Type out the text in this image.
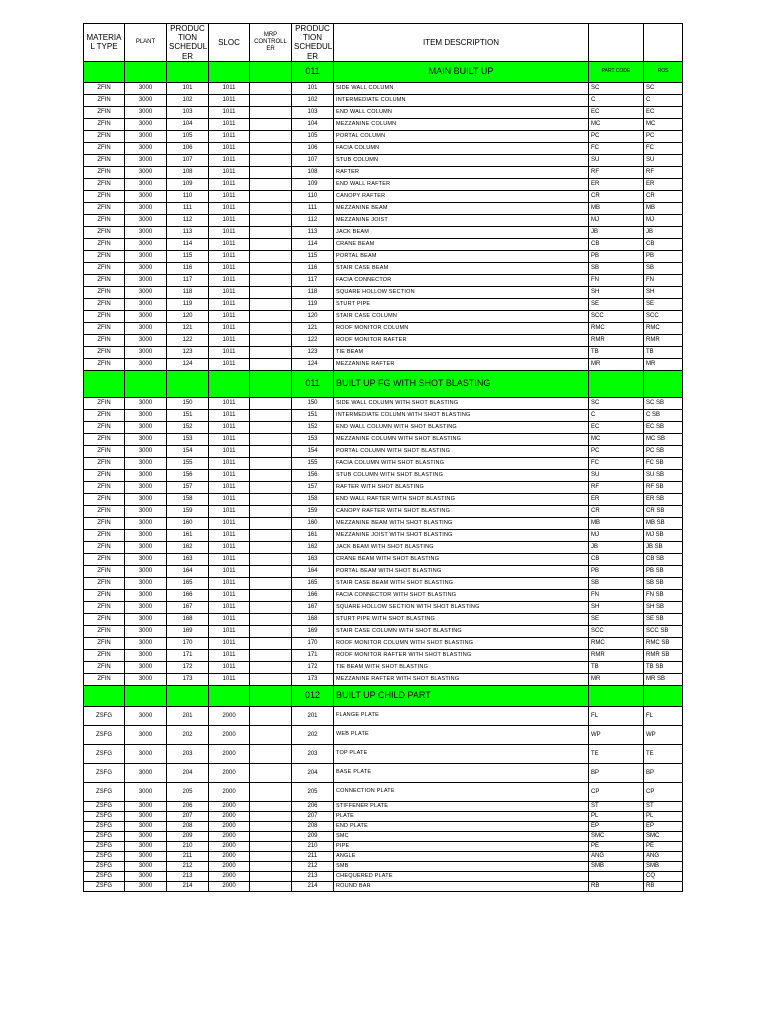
MATERIA L TYPE	PLANT	PRODUC TION SCHEDUL ER	SLOC	MRP CONTROLL ER	PRODUC TION SCHEDUL ER	ITEM DESCRIPTION		
					011	MAIN BUILT UP	PART CODE	ROS
ZFIN	3000	101	1011		101	SIDE WALL COLUMN	SC	SC
ZFIN	3000	102	1011		102	INTERMEDIATE COLUMN	C	C
ZFIN	3000	103	1011		103	END WALL COLUMN	EC	EC
ZFIN	3000	104	1011		104	MEZZANINE COLUMN	MC	MC
ZFIN	3000	105	1011		105	PORTAL COLUMN	PC	PC
ZFIN	3000	106	1011		106	FACIA COLUMN	FC	FC
ZFIN	3000	107	1011		107	STUB COLUMN	SU	SU
ZFIN	3000	108	1011		108	RAFTER	RF	RF
ZFIN	3000	109	1011		109	END WALL RAFTER	ER	ER
ZFIN	3000	110	1011		110	CANOPY RAFTER	CR	CR
ZFIN	3000	111	1011		111	MEZZANINE BEAM	MB	MB
ZFIN	3000	112	1011		112	MEZZANINE JOIST	MJ	MJ
ZFIN	3000	113	1011		113	JACK BEAM	JB	JB
ZFIN	3000	114	1011		114	CRANE BEAM	CB	CB
ZFIN	3000	115	1011		115	PORTAL BEAM	PB	PB
ZFIN	3000	116	1011		116	STAIR CASE BEAM	SB	SB
ZFIN	3000	117	1011		117	FACIA CONNECTOR	FN	FN
ZFIN	3000	118	1011		118	SQUARE HOLLOW SECTION	SH	SH
ZFIN	3000	119	1011		119	STURT PIPE	SE	SE
ZFIN	3000	120	1011		120	STAIR CASE COLUMN	SCC	SCC
ZFIN	3000	121	1011		121	ROOF MONITOR COLUMN	RMC	RMC
ZFIN	3000	122	1011		122	ROOF MONITOR RAFTER	RMR	RMR
ZFIN	3000	123	1011		123	TIE BEAM	TB	TB
ZFIN	3000	124	1011		124	MEZZANINE RAFTER	MR	MR
					011	BUILT UP FG WITH SHOT BLASTING		
ZFIN	3000	150	1011		150	SIDE WALL COLUMN WITH SHOT BLASTING	SC	SC SB
ZFIN	3000	151	1011		151	INTERMEDIATE COLUMN WITH SHOT BLASTING	C	C SB
ZFIN	3000	152	1011		152	END WALL COLUMN WITH SHOT BLASTING	EC	EC SB
ZFIN	3000	153	1011		153	MEZZANINE COLUMN WITH SHOT BLASTING	MC	MC SB
ZFIN	3000	154	1011		154	PORTAL COLUMN WITH SHOT BLASTING	PC	PC SB
ZFIN	3000	155	1011		155	FACIA COLUMN WITH SHOT BLASTING	FC	FC SB
ZFIN	3000	156	1011		156	STUB COLUMN WITH SHOT BLASTING	SU	SU SB
ZFIN	3000	157	1011		157	RAFTER WITH SHOT BLASTING	RF	RF SB
ZFIN	3000	158	1011		158	END WALL RAFTER WITH SHOT BLASTING	ER	ER SB
ZFIN	3000	159	1011		159	CANOPY RAFTER WITH SHOT BLASTING	CR	CR SB
ZFIN	3000	160	1011		160	MEZZANINE BEAM WITH SHOT BLASTING	MB	MB SB
ZFIN	3000	161	1011		161	MEZZANINE JOIST WITH SHOT BLASTING	MJ	MJ SB
ZFIN	3000	162	1011		162	JACK BEAM WITH SHOT BLASTING	JB	JB SB
ZFIN	3000	163	1011		163	CRANE BEAM WITH SHOT BLASTING	CB	CB SB
ZFIN	3000	164	1011		164	PORTAL BEAM WITH SHOT BLASTING	PB	PB SB
ZFIN	3000	165	1011		165	STAIR CASE BEAM WITH SHOT BLASTING	SB	SB SB
ZFIN	3000	166	1011		166	FACIA CONNECTOR WITH SHOT BLASTING	FN	FN SB
ZFIN	3000	167	1011		167	SQUARE HOLLOW SECTION WITH SHOT BLASTING	SH	SH SB
ZFIN	3000	168	1011		168	STURT PIPE WITH SHOT BLASTING	SE	SE SB
ZFIN	3000	169	1011		169	STAIR CASE COLUMN WITH SHOT BLASTING	SCC	SCC SB
ZFIN	3000	170	1011		170	ROOF MONITOR COLUMN WITH SHOT BLASTING	RMC	RMC SB
ZFIN	3000	171	1011		171	ROOF MONITOR RAFTER WITH SHOT BLASTING	RMR	RMR SB
ZFIN	3000	172	1011		172	TIE BEAM WITH SHOT BLASTING	TB	TB SB
ZFIN	3000	173	1011		173	MEZZANINE RAFTER WITH SHOT BLASTING	MR	MR SB
					012	BUILT UP CHILD PART		
ZSFG	3000	201	2000		201	FLANGE PLATE	FL	FL
ZSFG	3000	202	2000		202	WEB PLATE	WP	WP
ZSFG	3000	203	2000		203	TOP PLATE	TE	TE
ZSFG	3000	204	2000		204	BASE PLATE	BP	BP
ZSFG	3000	205	2000		205	CONNECTION PLATE	CP	CP
ZSFG	3000	206	2000		206	STIFFENER PLATE	ST	ST
ZSFG	3000	207	2000		207	PLATE	PL	PL
ZSFG	3000	208	2000		208	END PLATE	EP	EP
ZSFG	3000	209	2000		209	SMC	SMC	SMC
ZSFG	3000	210	2000		210	PIPE	PE	PE
ZSFG	3000	211	2000		211	ANGLE	ANG	ANG
ZSFG	3000	212	2000		212	SMB	SMB	SMB
ZSFG	3000	213	2000		213	CHEQUERED PLATE		CQ
ZSFG	3000	214	2000		214	ROUND BAR	RB	RB
